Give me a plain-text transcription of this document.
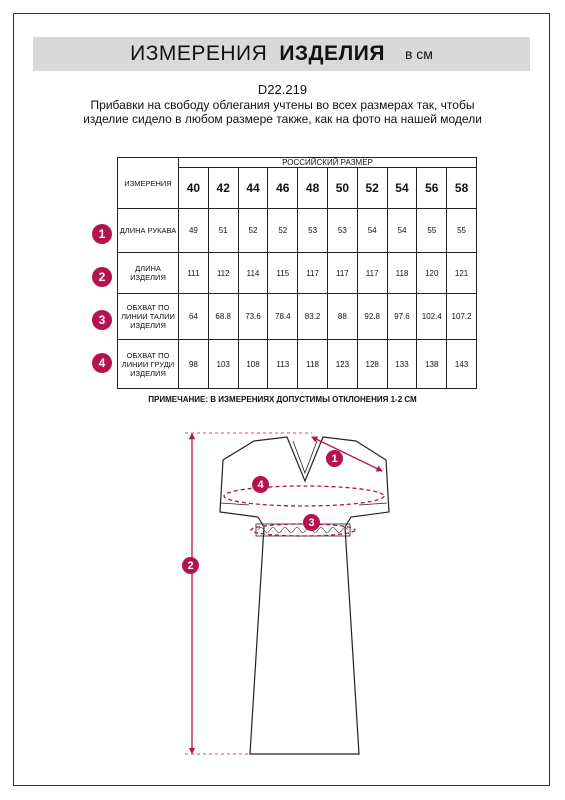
ИЗМЕРЕНИЯ ИЗДЕЛИЯ в см
D22.219
Прибавки на свободу облегания учтены во всех размерах так, чтобы изделие сидело в любом размере также, как на фото на нашей модели
ИЗМЕРЕНИЯ	РОССИЙСКИЙ РАЗМЕР									
	40	42	44	46	48	50	52	54	56	58
ДЛИНА РУКАВА	49	51	52	52	53	53	54	54	55	55
ДЛИНА ИЗДЕЛИЯ	111	112	114	115	117	117	117	118	120	121
ОБХВАТ ПО ЛИНИИ ТАЛИИ ИЗДЕЛИЯ	64	68.8	73.6	78.4	83.2	88	92.8	97.6	102.4	107.2
ОБХВАТ ПО ЛИНИИ ГРУДИ ИЗДЕЛИЯ	98	103	108	113	118	123	128	133	138	143
1
2
3
4
ПРИМЕЧАНИЕ: В ИЗМЕРЕНИЯХ ДОПУСТИМЫ ОТКЛОНЕНИЯ 1-2 СМ
1
2
3
4
